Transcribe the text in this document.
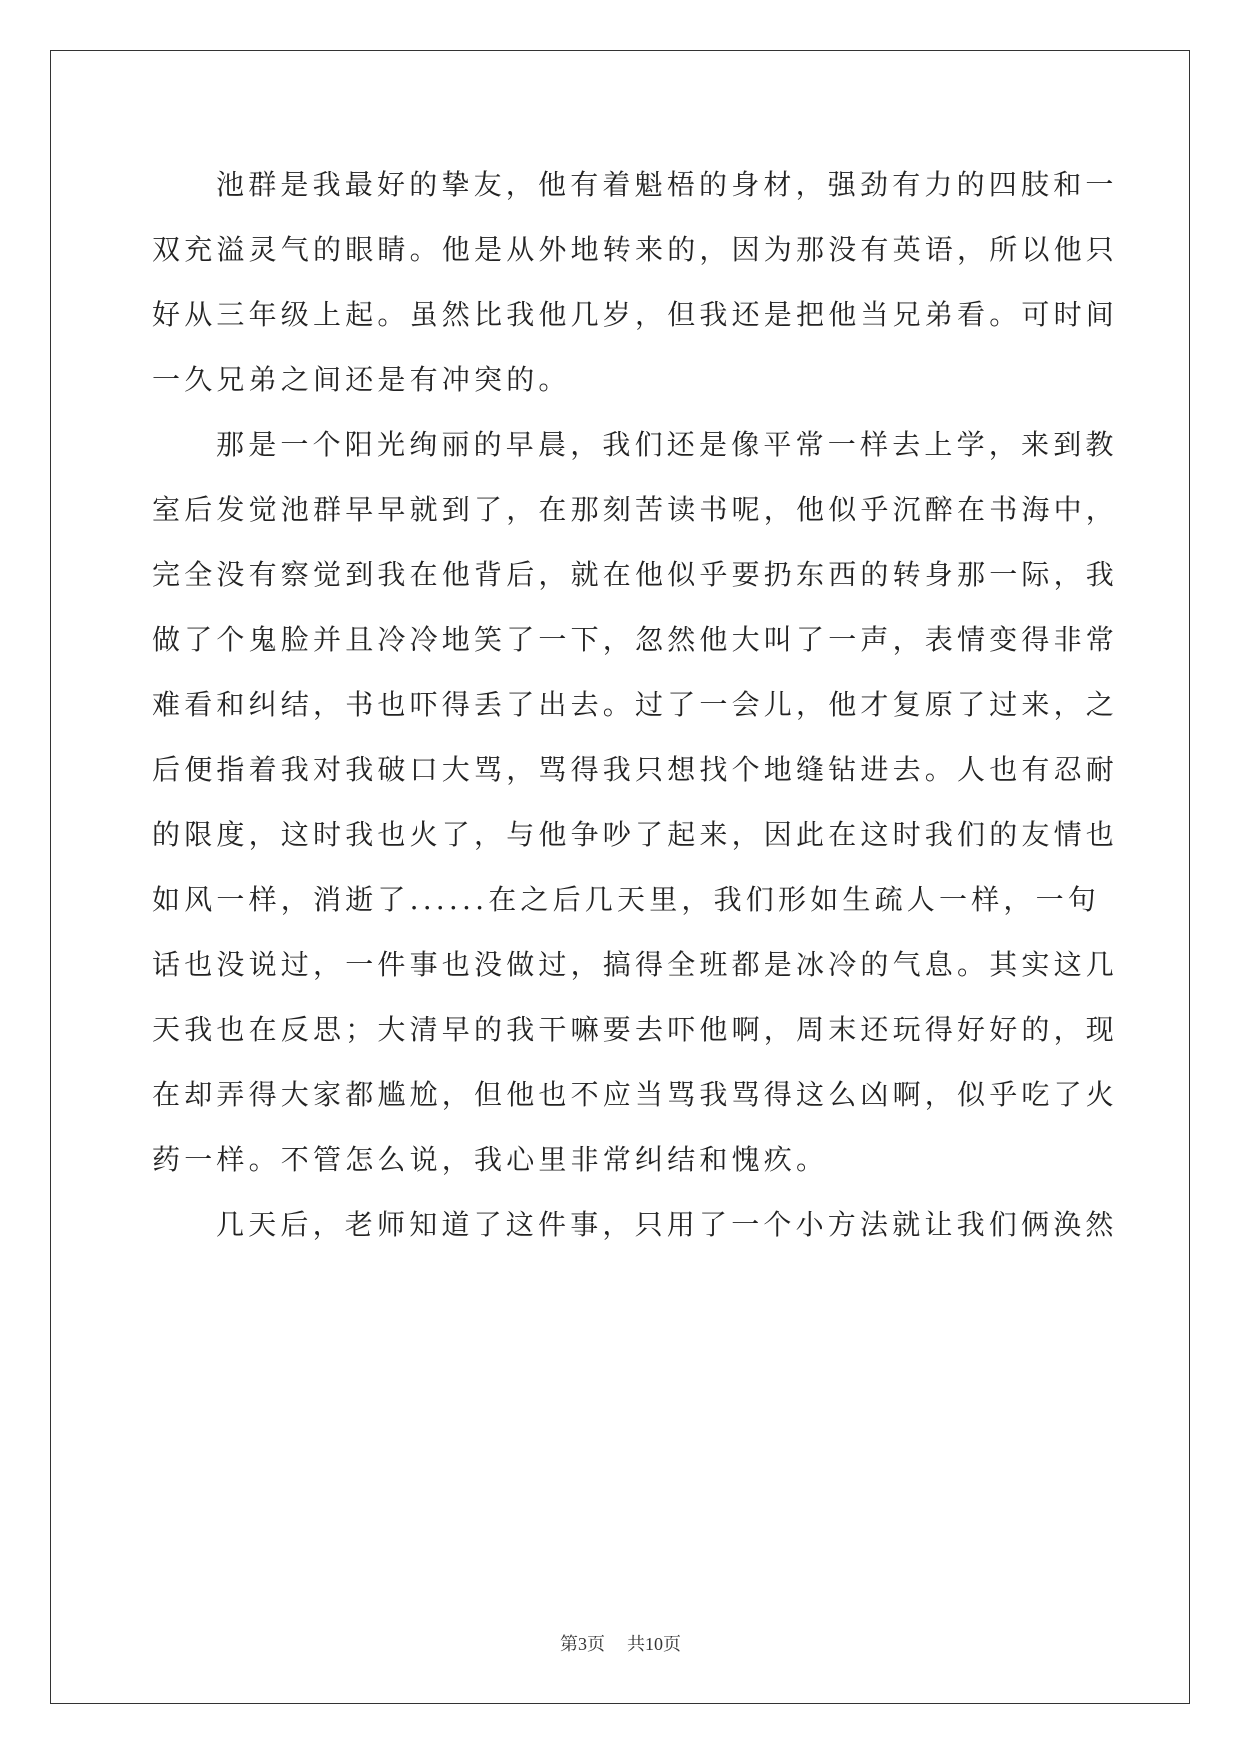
池群是我最好的挚友，他有着魁梧的身材，强劲有力的四肢和一
双充溢灵气的眼睛。他是从外地转来的，因为那没有英语，所以他只
好从三年级上起。虽然比我他几岁，但我还是把他当兄弟看。可时间
一久兄弟之间还是有冲突的。
那是一个阳光绚丽的早晨，我们还是像平常一样去上学，来到教
室后发觉池群早早就到了，在那刻苦读书呢，他似乎沉醉在书海中，
完全没有察觉到我在他背后，就在他似乎要扔东西的转身那一际，我
做了个鬼脸并且冷冷地笑了一下，忽然他大叫了一声，表情变得非常
难看和纠结，书也吓得丢了出去。过了一会儿，他才复原了过来，之
后便指着我对我破口大骂，骂得我只想找个地缝钻进去。人也有忍耐
的限度，这时我也火了，与他争吵了起来，因此在这时我们的友情也
如风一样，消逝了......在之后几天里，我们形如生疏人一样，一句
话也没说过，一件事也没做过，搞得全班都是冰冷的气息。其实这几
天我也在反思；大清早的我干嘛要去吓他啊，周末还玩得好好的，现
在却弄得大家都尴尬，但他也不应当骂我骂得这么凶啊，似乎吃了火
药一样。不管怎么说，我心里非常纠结和愧疚。
几天后，老师知道了这件事，只用了一个小方法就让我们俩涣然
第3页 共10页
